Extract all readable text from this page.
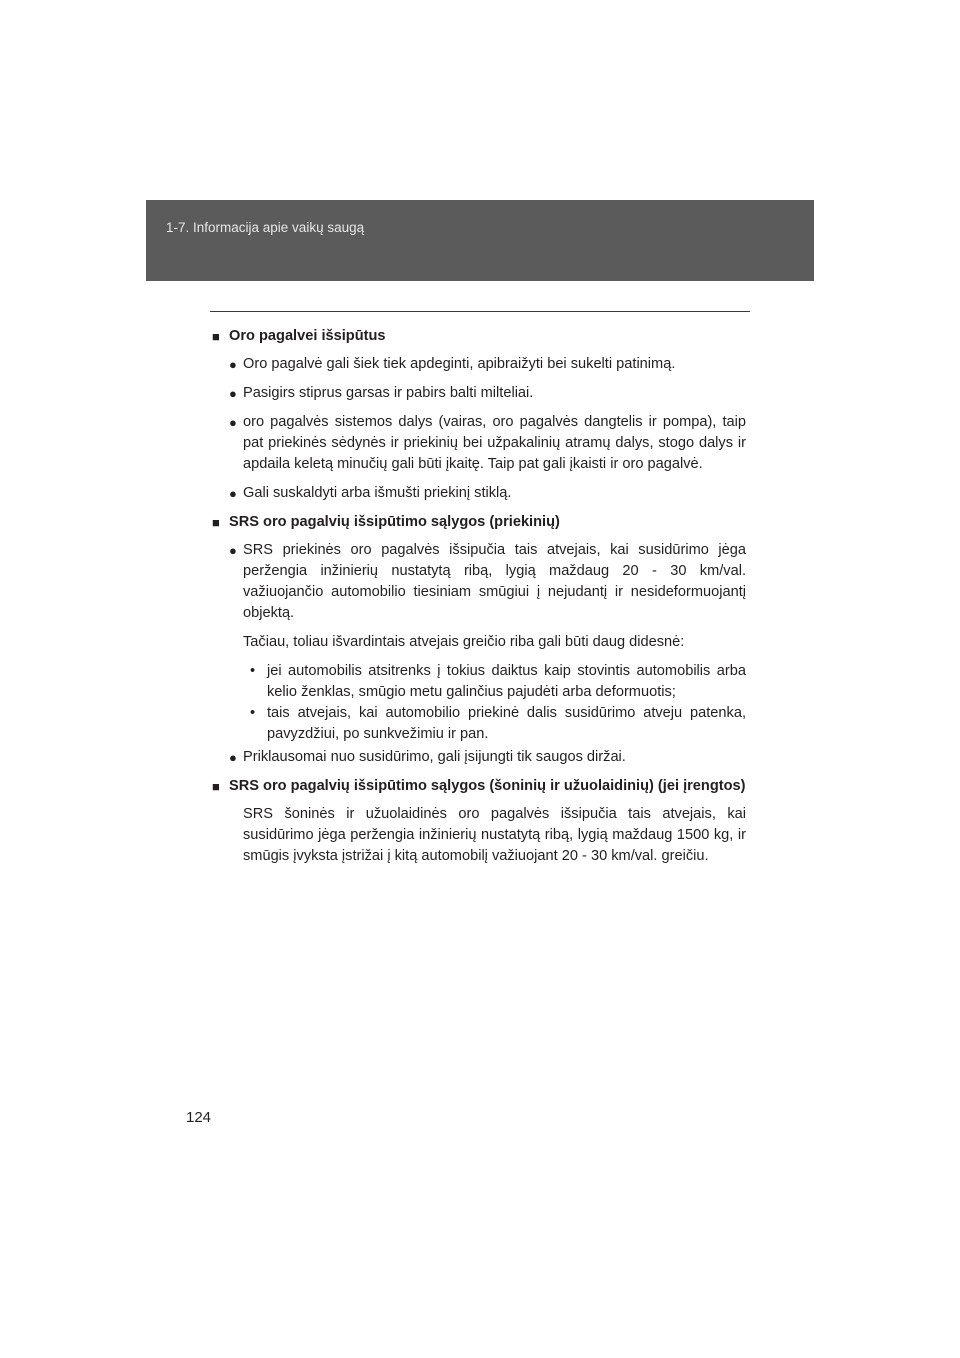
1-7. Informacija apie vaikų saugą
■ Oro pagalvei išsipūtus
● Oro pagalvė gali šiek tiek apdeginti, apibraižyti bei sukelti patinimą.
● Pasigirs stiprus garsas ir pabirs balti milteliai.
● oro pagalvės sistemos dalys (vairas, oro pagalvės dangtelis ir pompa), taip pat priekinės sėdynės ir priekinių bei užpakalinių atramų dalys, stogo dalys ir apdaila keletą minučių gali būti įkaitę. Taip pat gali įkaisti ir oro pagalvė.
● Gali suskaldyti arba išmušti priekinį stiklą.
■ SRS oro pagalvių išsipūtimo sąlygos (priekinių)
● SRS priekinės oro pagalvės išsipučia tais atvejais, kai susidūrimo jėga peržengia inžinierių nustatytą ribą, lygią maždaug 20 - 30 km/val. važiuojančio automobilio tiesiniam smūgiui į nejudantį ir nesideformuojantį objektą.
Tačiau, toliau išvardintais atvejais greičio riba gali būti daug didesnė:
• jei automobilis atsitrenks į tokius daiktus kaip stovintis automobilis arba kelio ženklas, smūgio metu galinčius pajudėti arba deformuotis;
• tais atvejais, kai automobilio priekinė dalis susidūrimo atveju patenka, pavyzdžiui, po sunkvežimiu ir pan.
● Priklausomai nuo susidūrimo, gali įsijungti tik saugos diržai.
■ SRS oro pagalvių išsipūtimo sąlygos (šoninių ir užuolaidinių) (jei įrengtos)
SRS šoninės ir užuolaidinės oro pagalvės išsipučia tais atvejais, kai susidūrimo jėga peržengia inžinierių nustatytą ribą, lygią maždaug 1500 kg, ir smūgis įvyksta įstrižai į kitą automobilį važiuojant 20 - 30 km/val. greičiu.
124
